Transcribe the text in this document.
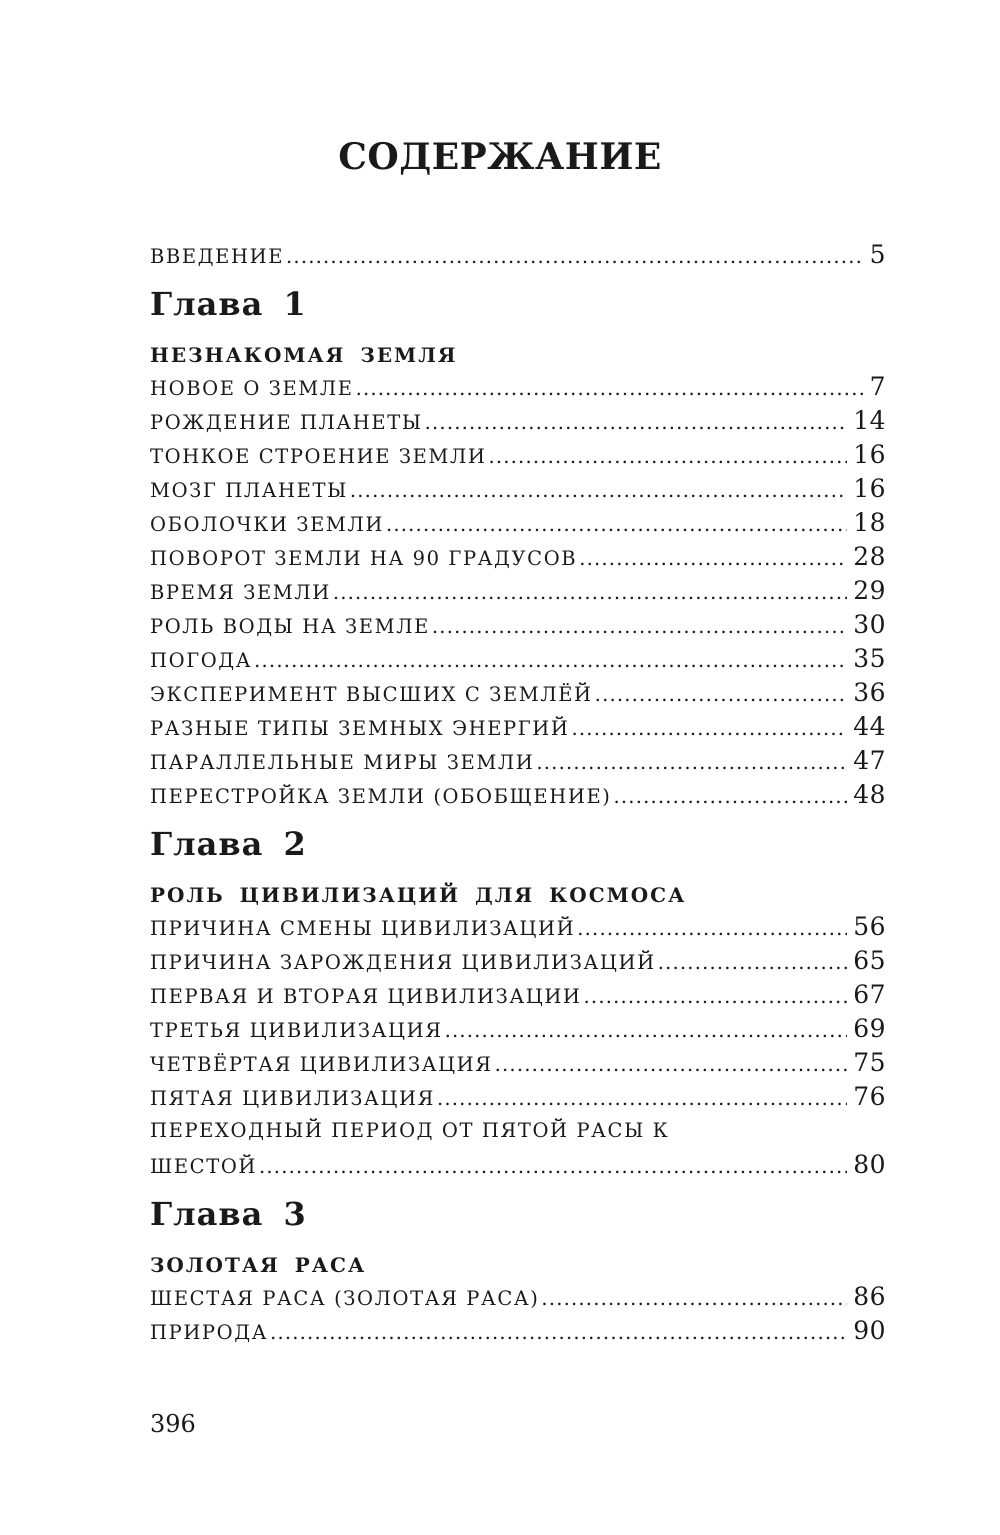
СОДЕРЖАНИЕ
ВВЕДЕНИЕ . . .	5
Глава 1
НЕЗНАКОМАЯ ЗЕМЛЯ
НОВОЕ О ЗЕМЛЕ . . .	7
РОЖДЕНИЕ ПЛАНЕТЫ . . .	14
ТОНКОЕ СТРОЕНИЕ ЗЕМЛИ . . .	16
МОЗГ ПЛАНЕТЫ . . .	16
ОБОЛОЧКИ ЗЕМЛИ . . .	18
ПОВОРОТ ЗЕМЛИ НА 90 ГРАДУСОВ . . .	28
ВРЕМЯ ЗЕМЛИ . . .	29
РОЛЬ ВОДЫ НА ЗЕМЛЕ . . .	30
ПОГОДА . . .	35
ЭКСПЕРИМЕНТ ВЫСШИХ С ЗЕМЛЁЙ . . .	36
РАЗНЫЕ ТИПЫ ЗЕМНЫХ ЭНЕРГИЙ . . .	44
ПАРАЛЛЕЛЬНЫЕ МИРЫ ЗЕМЛИ . . .	47
ПЕРЕСТРОЙКА ЗЕМЛИ (ОБОБЩЕНИЕ) . . .	48
Глава 2
РОЛЬ ЦИВИЛИЗАЦИЙ ДЛЯ КОСМОСА
ПРИЧИНА СМЕНЫ ЦИВИЛИЗАЦИЙ . . .	56
ПРИЧИНА ЗАРОЖДЕНИЯ ЦИВИЛИЗАЦИЙ . . .	65
ПЕРВАЯ И ВТОРАЯ ЦИВИЛИЗАЦИИ . . .	67
ТРЕТЬЯ ЦИВИЛИЗАЦИЯ . . .	69
ЧЕТВЁРТАЯ ЦИВИЛИЗАЦИЯ . . .	75
ПЯТАЯ ЦИВИЛИЗАЦИЯ . . .	76
ПЕРЕХОДНЫЙ ПЕРИОД ОТ ПЯТОЙ РАСЫ К
ШЕСТОЙ . . .	80
Глава 3
ЗОЛОТАЯ РАСА
ШЕСТАЯ РАСА (ЗОЛОТАЯ РАСА) . . .	86
ПРИРОДА . . .	90
396
